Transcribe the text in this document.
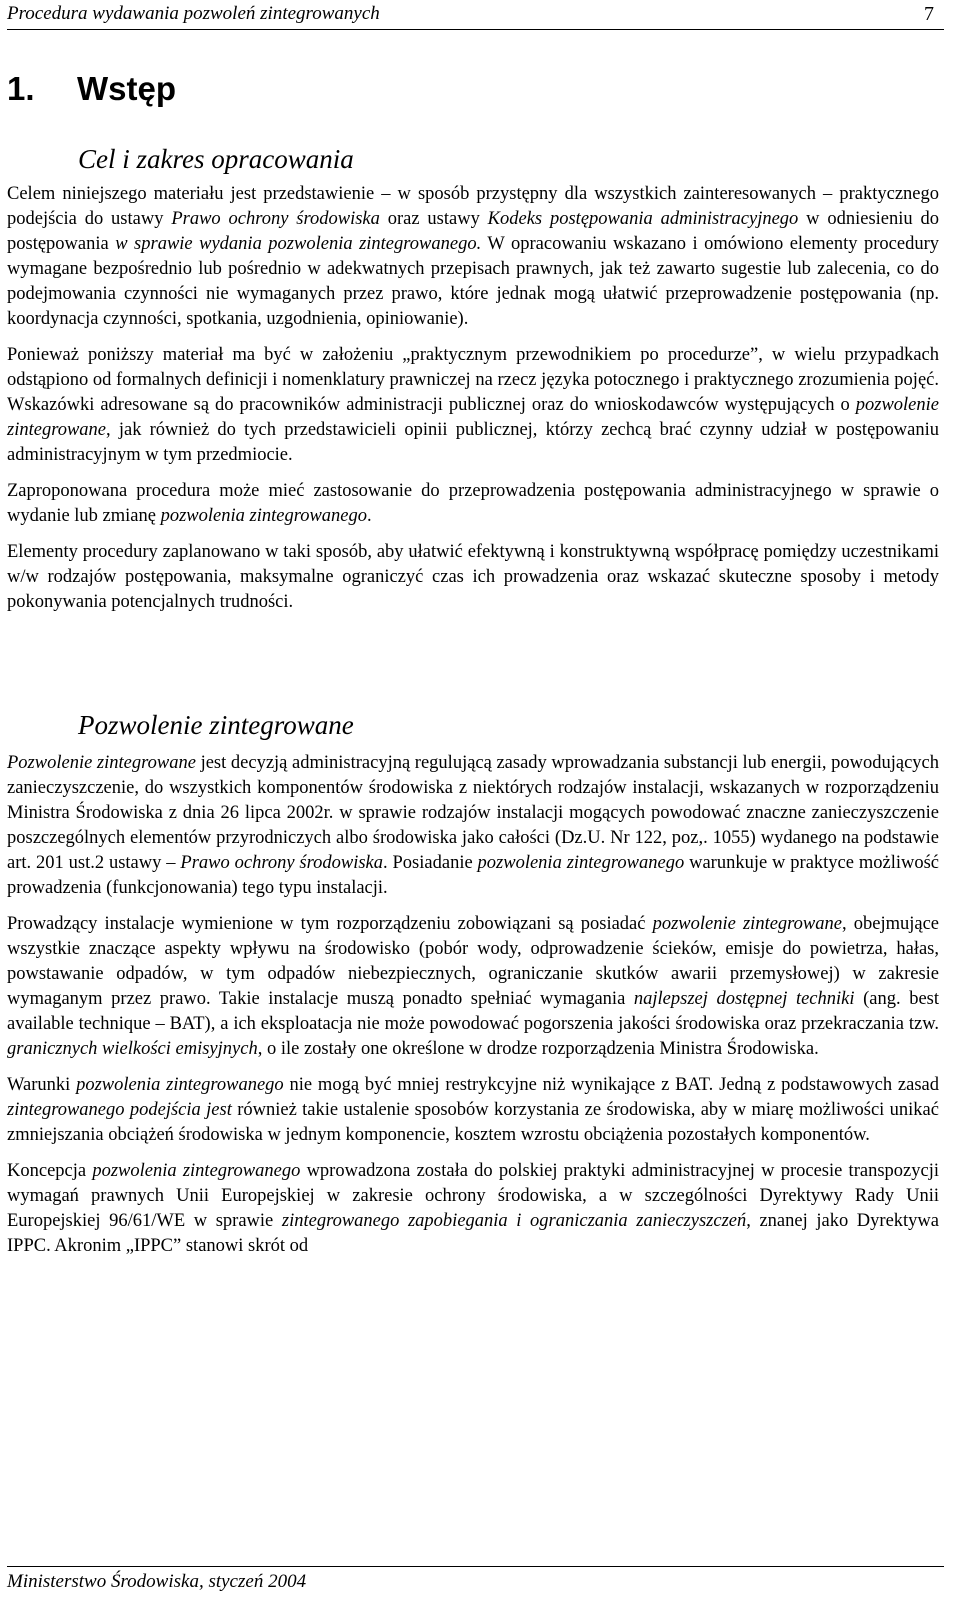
Procedura wydawania pozwoleń zintegrowanych	7
1. Wstęp
Cel i zakres opracowania

Celem niniejszego materiału jest przedstawienie – w sposób przystępny dla wszystkich zainteresowanych – praktycznego podejścia do ustawy Prawo ochrony środowiska oraz ustawy Kodeks postępowania administracyjnego w odniesieniu do postępowania w sprawie wydania pozwolenia zintegrowanego. W opracowaniu wskazano i omówiono elementy procedury wymagane bezpośrednio lub pośrednio w adekwatnych przepisach prawnych, jak też zawarto sugestie lub zalecenia, co do podejmowania czynności nie wymaganych przez prawo, które jednak mogą ułatwić przeprowadzenie postępowania (np. koordynacja czynności, spotkania, uzgodnienia, opiniowanie).

Ponieważ poniższy materiał ma być w założeniu „praktycznym przewodnikiem po procedurze”, w wielu przypadkach odstąpiono od formalnych definicji i nomenklatury prawniczej na rzecz języka potocznego i praktycznego zrozumienia pojęć. Wskazówki adresowane są do pracowników administracji publicznej oraz do wnioskodawców występujących o pozwolenie zintegrowane, jak również do tych przedstawicieli opinii publicznej, którzy zechcą brać czynny udział w postępowaniu administracyjnym w tym przedmiocie.

Zaproponowana procedura może mieć zastosowanie do przeprowadzenia postępowania administracyjnego w sprawie o wydanie lub zmianę pozwolenia zintegrowanego.

Elementy procedury zaplanowano w taki sposób, aby ułatwić efektywną i konstruktywną współpracę pomiędzy uczestnikami w/w rodzajów postępowania, maksymalne ograniczyć czas ich prowadzenia oraz wskazać skuteczne sposoby i metody pokonywania potencjalnych trudności.

Pozwolenie zintegrowane

Pozwolenie zintegrowane jest decyzją administracyjną regulującą zasady wprowadzania substancji lub energii, powodujących zanieczyszczenie, do wszystkich komponentów środowiska z niektórych rodzajów instalacji, wskazanych w rozporządzeniu Ministra Środowiska z dnia 26 lipca 2002r. w sprawie rodzajów instalacji mogących powodować znaczne zanieczyszczenie poszczególnych elementów przyrodniczych albo środowiska jako całości (Dz.U. Nr 122, poz,. 1055) wydanego na podstawie art. 201 ust.2 ustawy – Prawo ochrony środowiska. Posiadanie pozwolenia zintegrowanego warunkuje w praktyce możliwość prowadzenia (funkcjonowania) tego typu instalacji.

Prowadzący instalacje wymienione w tym rozporządzeniu zobowiązani są posiadać pozwolenie zintegrowane, obejmujące wszystkie znaczące aspekty wpływu na środowisko (pobór wody, odprowadzenie ścieków, emisje do powietrza, hałas, powstawanie odpadów, w tym odpadów niebezpiecznych, ograniczanie skutków awarii przemysłowej) w zakresie wymaganym przez prawo. Takie instalacje muszą ponadto spełniać wymagania najlepszej dostępnej techniki (ang. best available technique – BAT), a ich eksploatacja nie może powodować pogorszenia jakości środowiska oraz przekraczania tzw. granicznych wielkości emisyjnych, o ile zostały one określone w drodze rozporządzenia Ministra Środowiska.

Warunki pozwolenia zintegrowanego nie mogą być mniej restrykcyjne niż wynikające z BAT. Jedną z podstawowych zasad zintegrowanego podejścia jest również takie ustalenie sposobów korzystania ze środowiska, aby w miarę możliwości unikać zmniejszania obciążeń środowiska w jednym komponencie, kosztem wzrostu obciążenia pozostałych komponentów.

Koncepcja pozwolenia zintegrowanego wprowadzona została do polskiej praktyki administracyjnej w procesie transpozycji wymagań prawnych Unii Europejskiej w zakresie ochrony środowiska, a w szczególności Dyrektywy Rady Unii Europejskiej 96/61/WE w sprawie zintegrowanego zapobiegania i ograniczania zanieczyszczeń, znanej jako Dyrektywa IPPC. Akronim „IPPC” stanowi skrót od

Ministerstwo Środowiska, styczeń 2004
